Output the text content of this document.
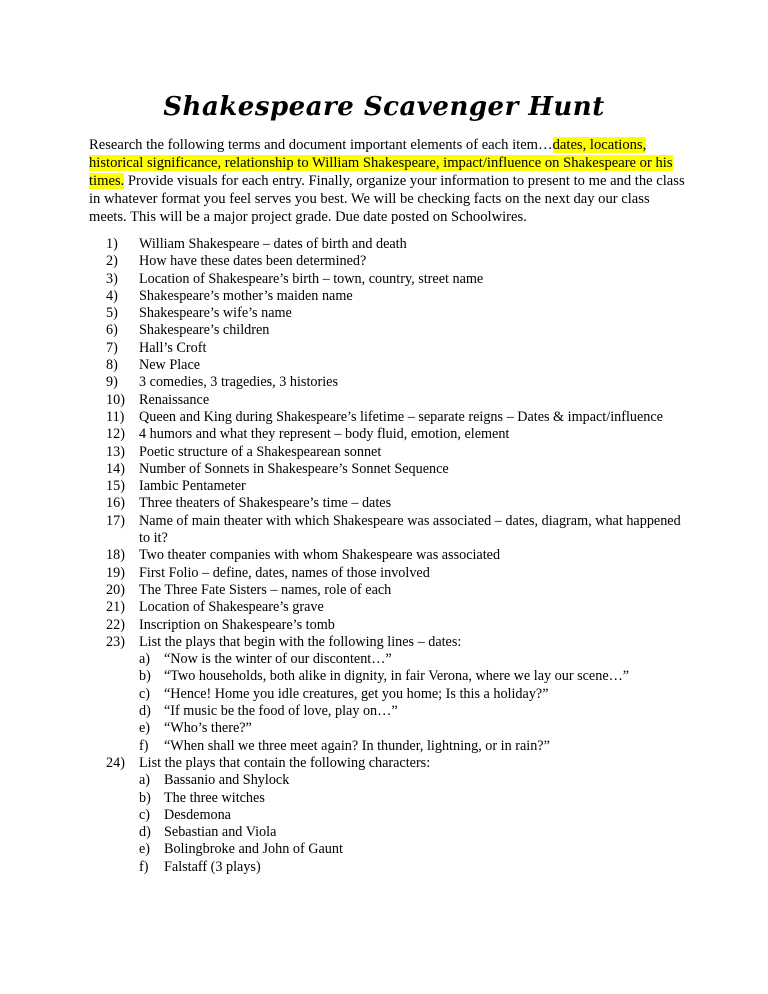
Shakespeare Scavenger Hunt
Research the following terms and document important elements of each item…dates, locations, historical significance, relationship to William Shakespeare, impact/influence on Shakespeare or his times. Provide visuals for each entry. Finally, organize your information to present to me and the class in whatever format you feel serves you best. We will be checking facts on the next day our class meets. This will be a major project grade. Due date posted on Schoolwires.
1)	William Shakespeare – dates of birth and death
2)	How have these dates been determined?
3)	Location of Shakespeare’s birth – town, country, street name
4)	Shakespeare’s mother’s maiden name
5)	Shakespeare’s wife’s name
6)	Shakespeare’s children
7)	Hall’s Croft
8)	New Place
9)	3 comedies, 3 tragedies, 3 histories
10) Renaissance
11)	Queen and King during Shakespeare’s lifetime – separate reigns – Dates & impact/influence
12) 4 humors and what they represent – body fluid, emotion, element
13) Poetic structure of a Shakespearean sonnet
14) Number of Sonnets in Shakespeare’s Sonnet Sequence
15) Iambic Pentameter
16) Three theaters of Shakespeare’s time – dates
17) Name of main theater with which Shakespeare was associated – dates, diagram, what happened to it?
18) Two theater companies with whom Shakespeare was associated
19) First Folio – define, dates, names of those involved
20) The Three Fate Sisters – names, role of each
21) Location of Shakespeare’s grave
22) Inscription on Shakespeare’s tomb
23) List the plays that begin with the following lines – dates:
a) “Now is the winter of our discontent…”
b) “Two households, both alike in dignity, in fair Verona, where we lay our scene…”
c) “Hence! Home you idle creatures, get you home; Is this a holiday?”
d) “If music be the food of love, play on…”
e) “Who’s there?”
f)	“When shall we three meet again? In thunder, lightning, or in rain?”
24) List the plays that contain the following characters:
a) Bassanio and Shylock
b) The three witches
c) Desdemona
d) Sebastian and Viola
e) Bolingbroke and John of Gaunt
f)	Falstaff (3 plays)
